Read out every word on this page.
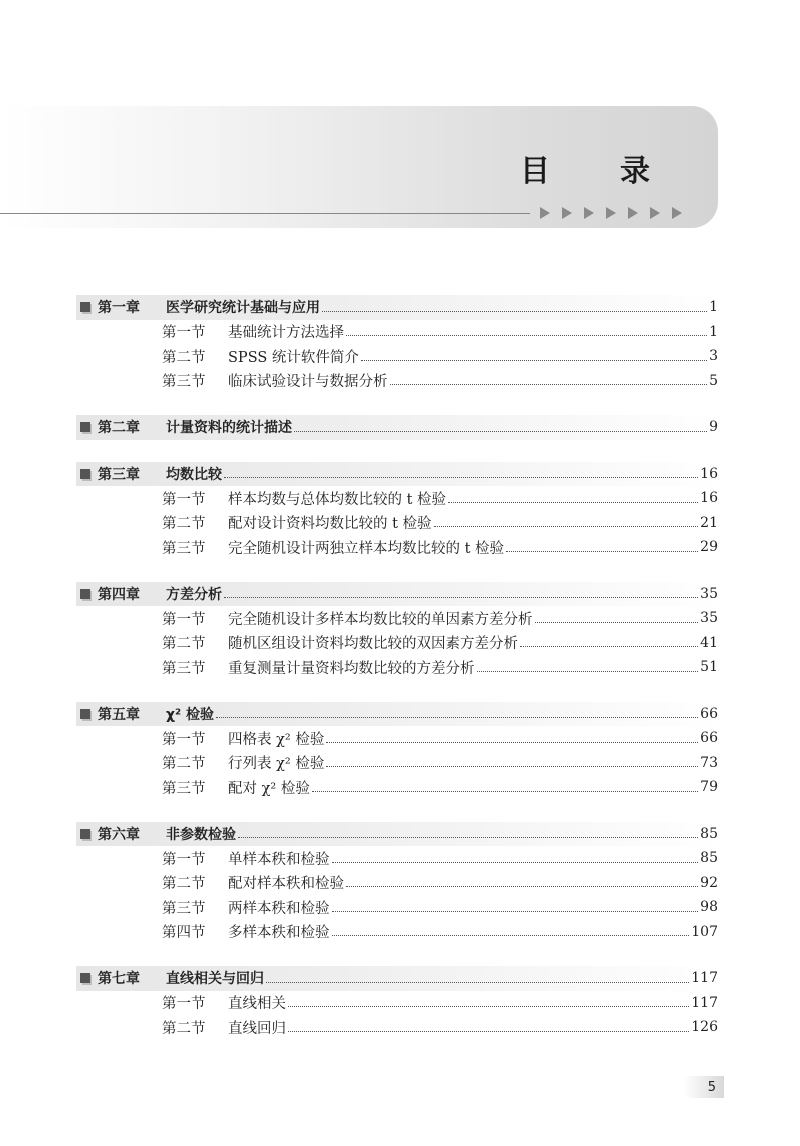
目　录
第一章	医学研究统计基础与应用	1
第一节	基础统计方法选择	1
第二节	SPSS 统计软件简介	3
第三节	临床试验设计与数据分析	5
第二章	计量资料的统计描述	9
第三章	均数比较	16
第一节	样本均数与总体均数比较的 t 检验	16
第二节	配对设计资料均数比较的 t 检验	21
第三节	完全随机设计两独立样本均数比较的 t 检验	29
第四章	方差分析	35
第一节	完全随机设计多样本均数比较的单因素方差分析	35
第二节	随机区组设计资料均数比较的双因素方差分析	41
第三节	重复测量计量资料均数比较的方差分析	51
第五章	χ² 检验	66
第一节	四格表 χ² 检验	66
第二节	行列表 χ² 检验	73
第三节	配对 χ² 检验	79
第六章	非参数检验	85
第一节	单样本秩和检验	85
第二节	配对样本秩和检验	92
第三节	两样本秩和检验	98
第四节	多样本秩和检验	107
第七章	直线相关与回归	117
第一节	直线相关	117
第二节	直线回归	126
5
